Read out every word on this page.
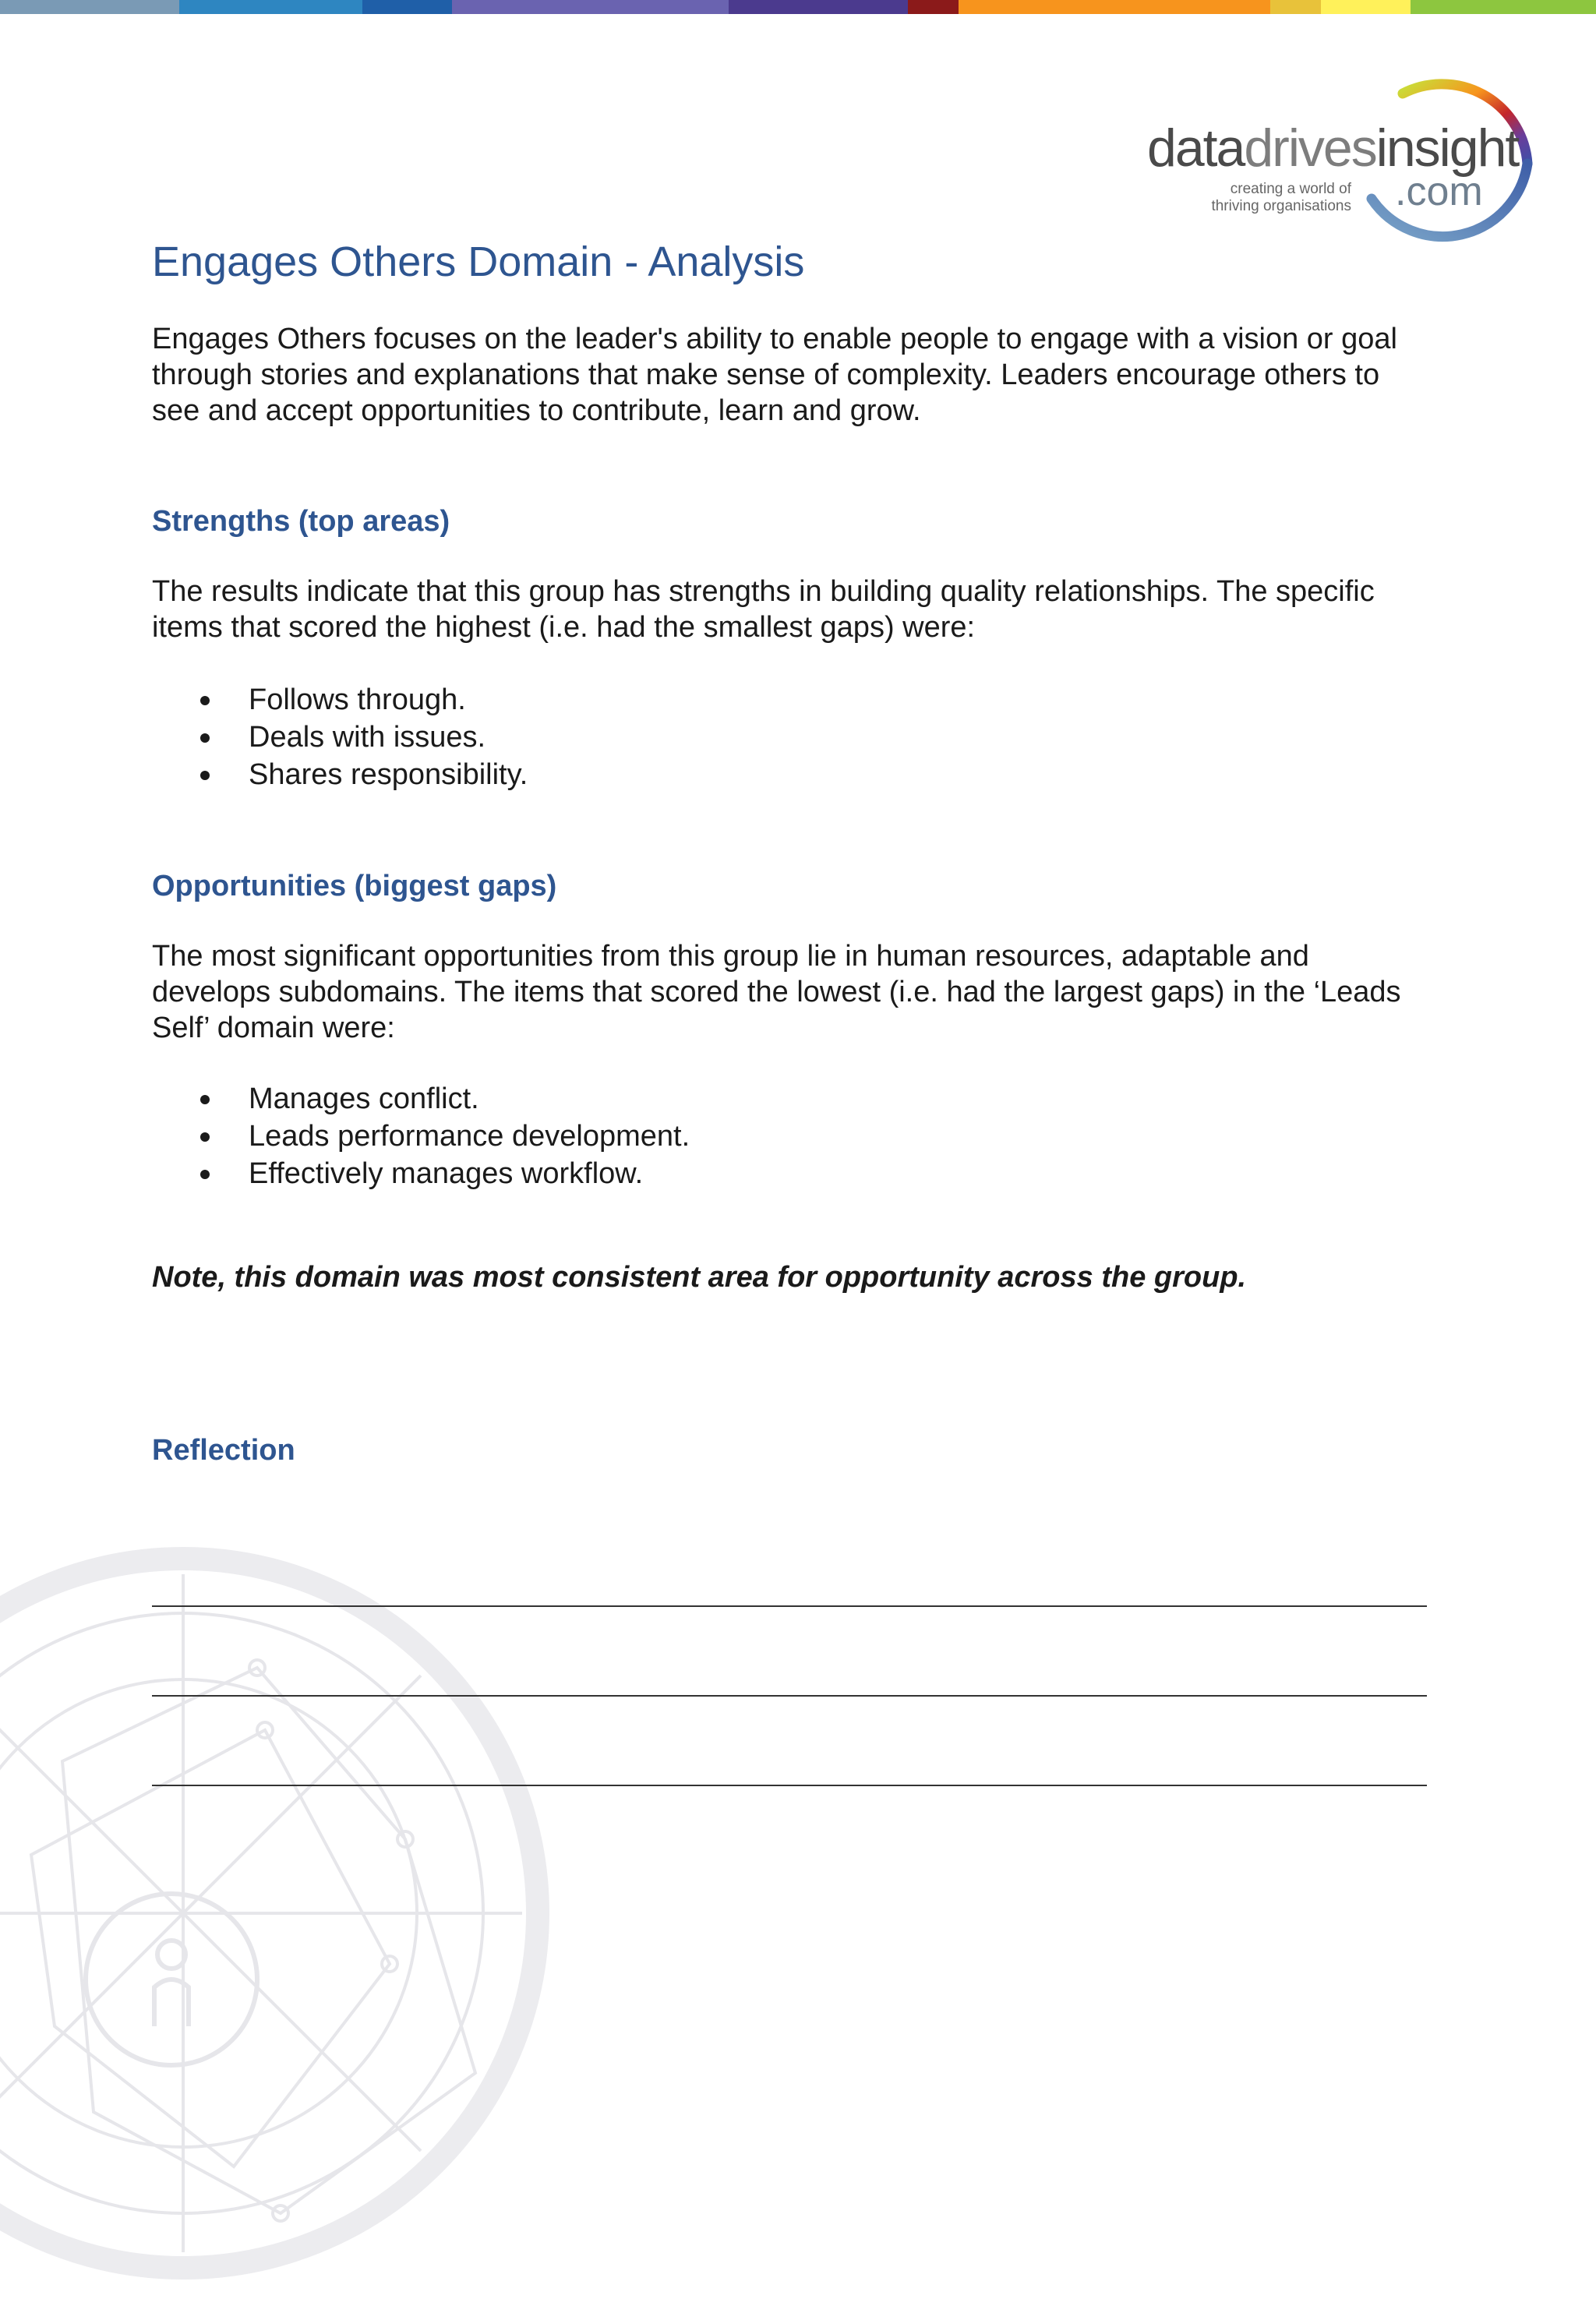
datadrivesinsight
.com
creating a world of
thriving organisations
Engages Others Domain - Analysis

Engages Others focuses on the leader's ability to enable people to engage with a vision or goal through stories and explanations that make sense of complexity. Leaders encourage others to see and accept opportunities to contribute, learn and grow.

Strengths (top areas)

The results indicate that this group has strengths in building quality relationships. The specific items that scored the highest (i.e. had the smallest gaps) were:

Follows through.
Deals with issues.
Shares responsibility.
Opportunities (biggest gaps)

The most significant opportunities from this group lie in human resources, adaptable and develops subdomains. The items that scored the lowest (i.e. had the largest gaps) in the ‘Leads Self’ domain were:

Manages conflict.
Leads performance development.
Effectively manages workflow.

Note, this domain was most consistent area for opportunity across the group.

Reflection
